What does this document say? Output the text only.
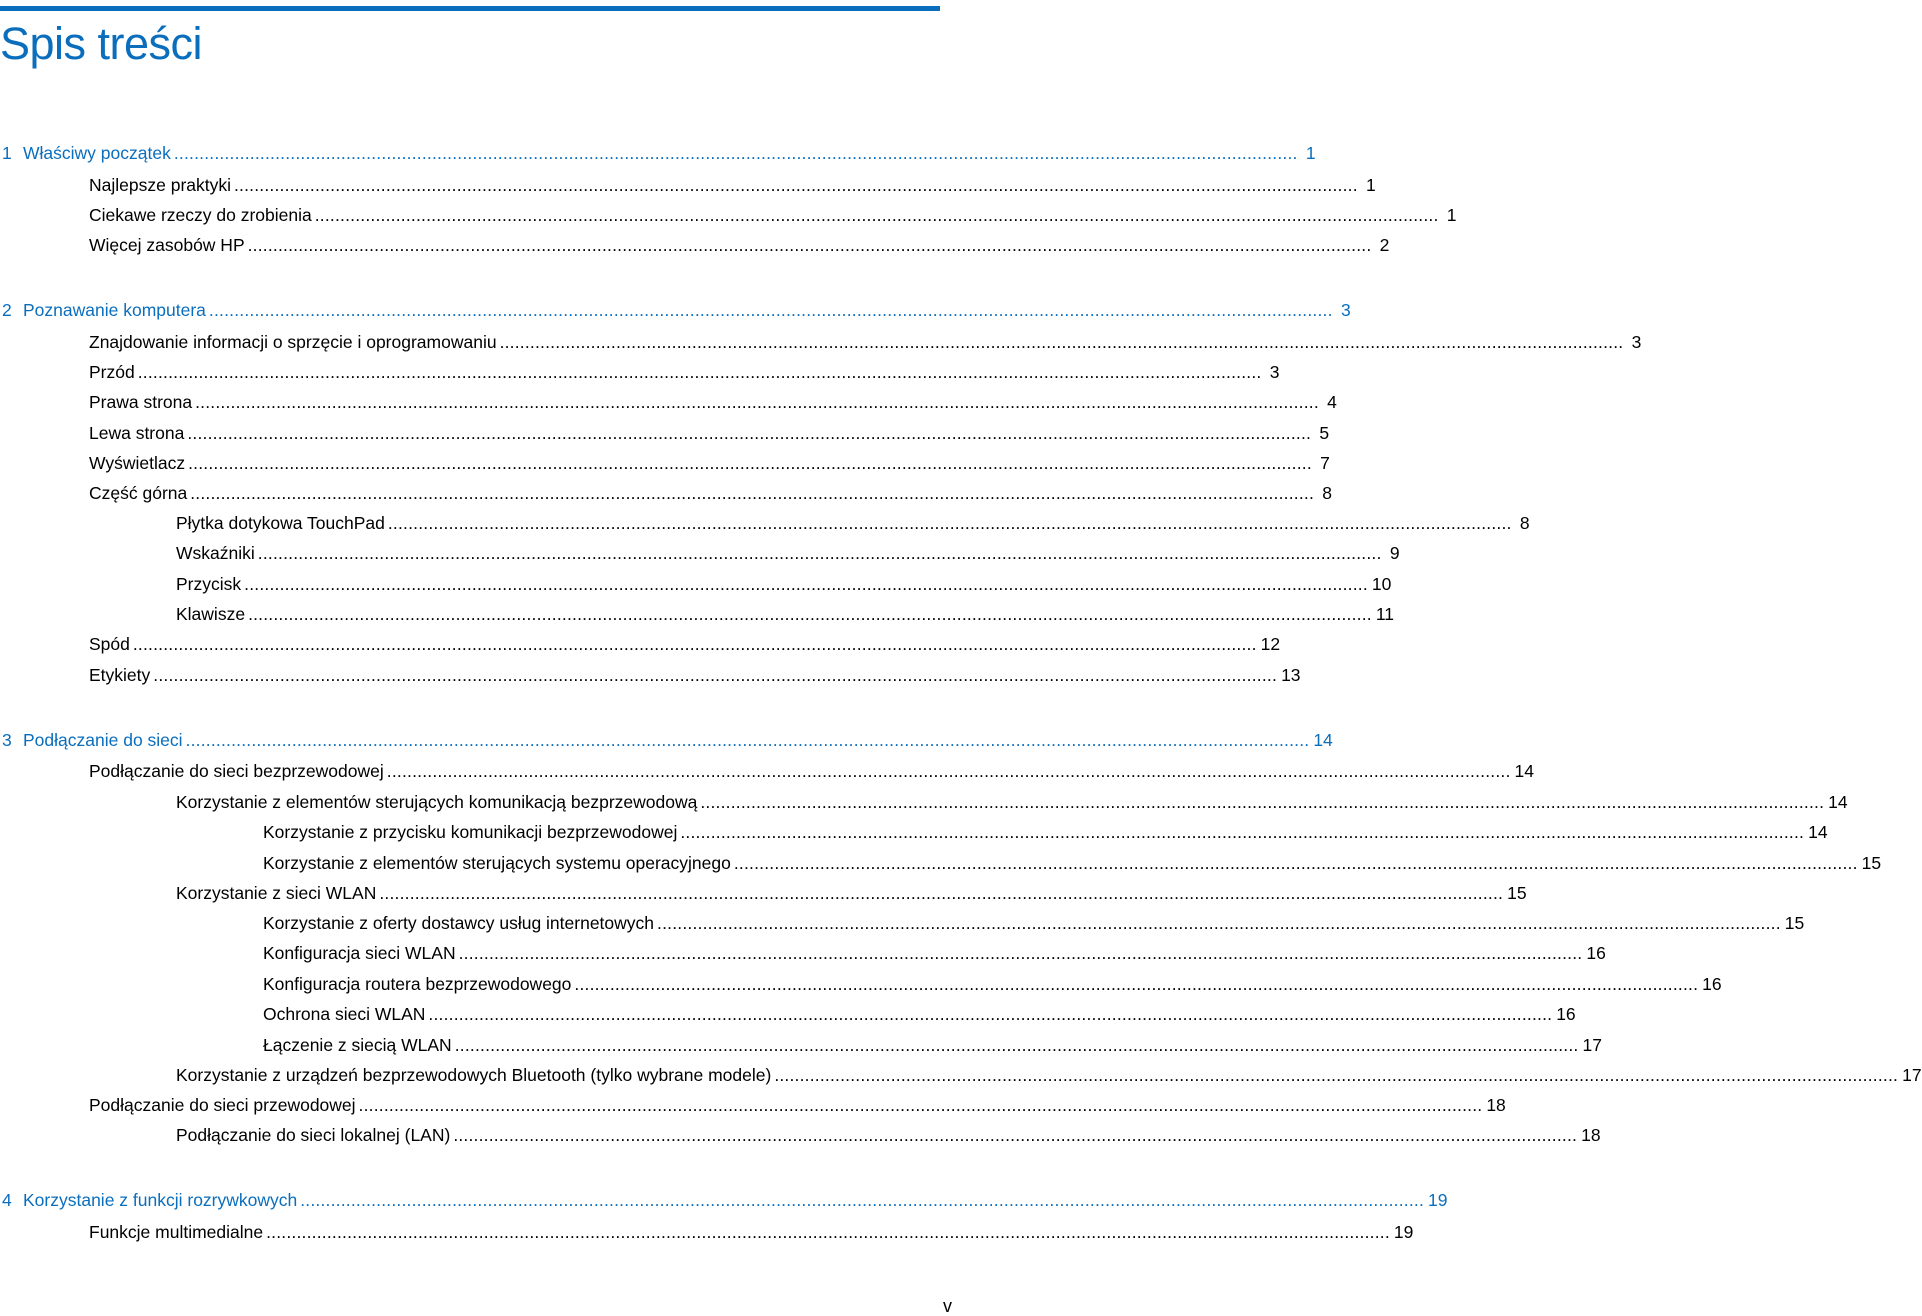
Spis treści
1 Właściwy początek .............................................................................................................................................................................................................................. 1
Najlepsze praktyki .............................................................................................................................................................................................................................. 1
Ciekawe rzeczy do zrobienia .............................................................................................................................................................................................................................. 1
Więcej zasobów HP .............................................................................................................................................................................................................................. 2
2 Poznawanie komputera .............................................................................................................................................................................................................................. 3
Znajdowanie informacji o sprzęcie i oprogramowaniu .............................................................................................................................................................................................................................. 3
Przód .............................................................................................................................................................................................................................. 3
Prawa strona .............................................................................................................................................................................................................................. 4
Lewa strona .............................................................................................................................................................................................................................. 5
Wyświetlacz .............................................................................................................................................................................................................................. 7
Część górna .............................................................................................................................................................................................................................. 8
Płytka dotykowa TouchPad .............................................................................................................................................................................................................................. 8
Wskaźniki .............................................................................................................................................................................................................................. 9
Przycisk .............................................................................................................................................................................................................................. 10
Klawisze .............................................................................................................................................................................................................................. 11
Spód .............................................................................................................................................................................................................................. 12
Etykiety .............................................................................................................................................................................................................................. 13
3 Podłączanie do sieci .............................................................................................................................................................................................................................. 14
Podłączanie do sieci bezprzewodowej .............................................................................................................................................................................................................................. 14
Korzystanie z elementów sterujących komunikacją bezprzewodową .............................................................................................................................................................................................................................. 14
Korzystanie z przycisku komunikacji bezprzewodowej .............................................................................................................................................................................................................................. 14
Korzystanie z elementów sterujących systemu operacyjnego .............................................................................................................................................................................................................................. 15
Korzystanie z sieci WLAN .............................................................................................................................................................................................................................. 15
Korzystanie z oferty dostawcy usług internetowych .............................................................................................................................................................................................................................. 15
Konfiguracja sieci WLAN .............................................................................................................................................................................................................................. 16
Konfiguracja routera bezprzewodowego .............................................................................................................................................................................................................................. 16
Ochrona sieci WLAN .............................................................................................................................................................................................................................. 16
Łączenie z siecią WLAN .............................................................................................................................................................................................................................. 17
Korzystanie z urządzeń bezprzewodowych Bluetooth (tylko wybrane modele) .............................................................................................................................................................................................................................. 17
Podłączanie do sieci przewodowej .............................................................................................................................................................................................................................. 18
Podłączanie do sieci lokalnej (LAN) .............................................................................................................................................................................................................................. 18
4 Korzystanie z funkcji rozrywkowych .............................................................................................................................................................................................................................. 19
Funkcje multimedialne .............................................................................................................................................................................................................................. 19
v
